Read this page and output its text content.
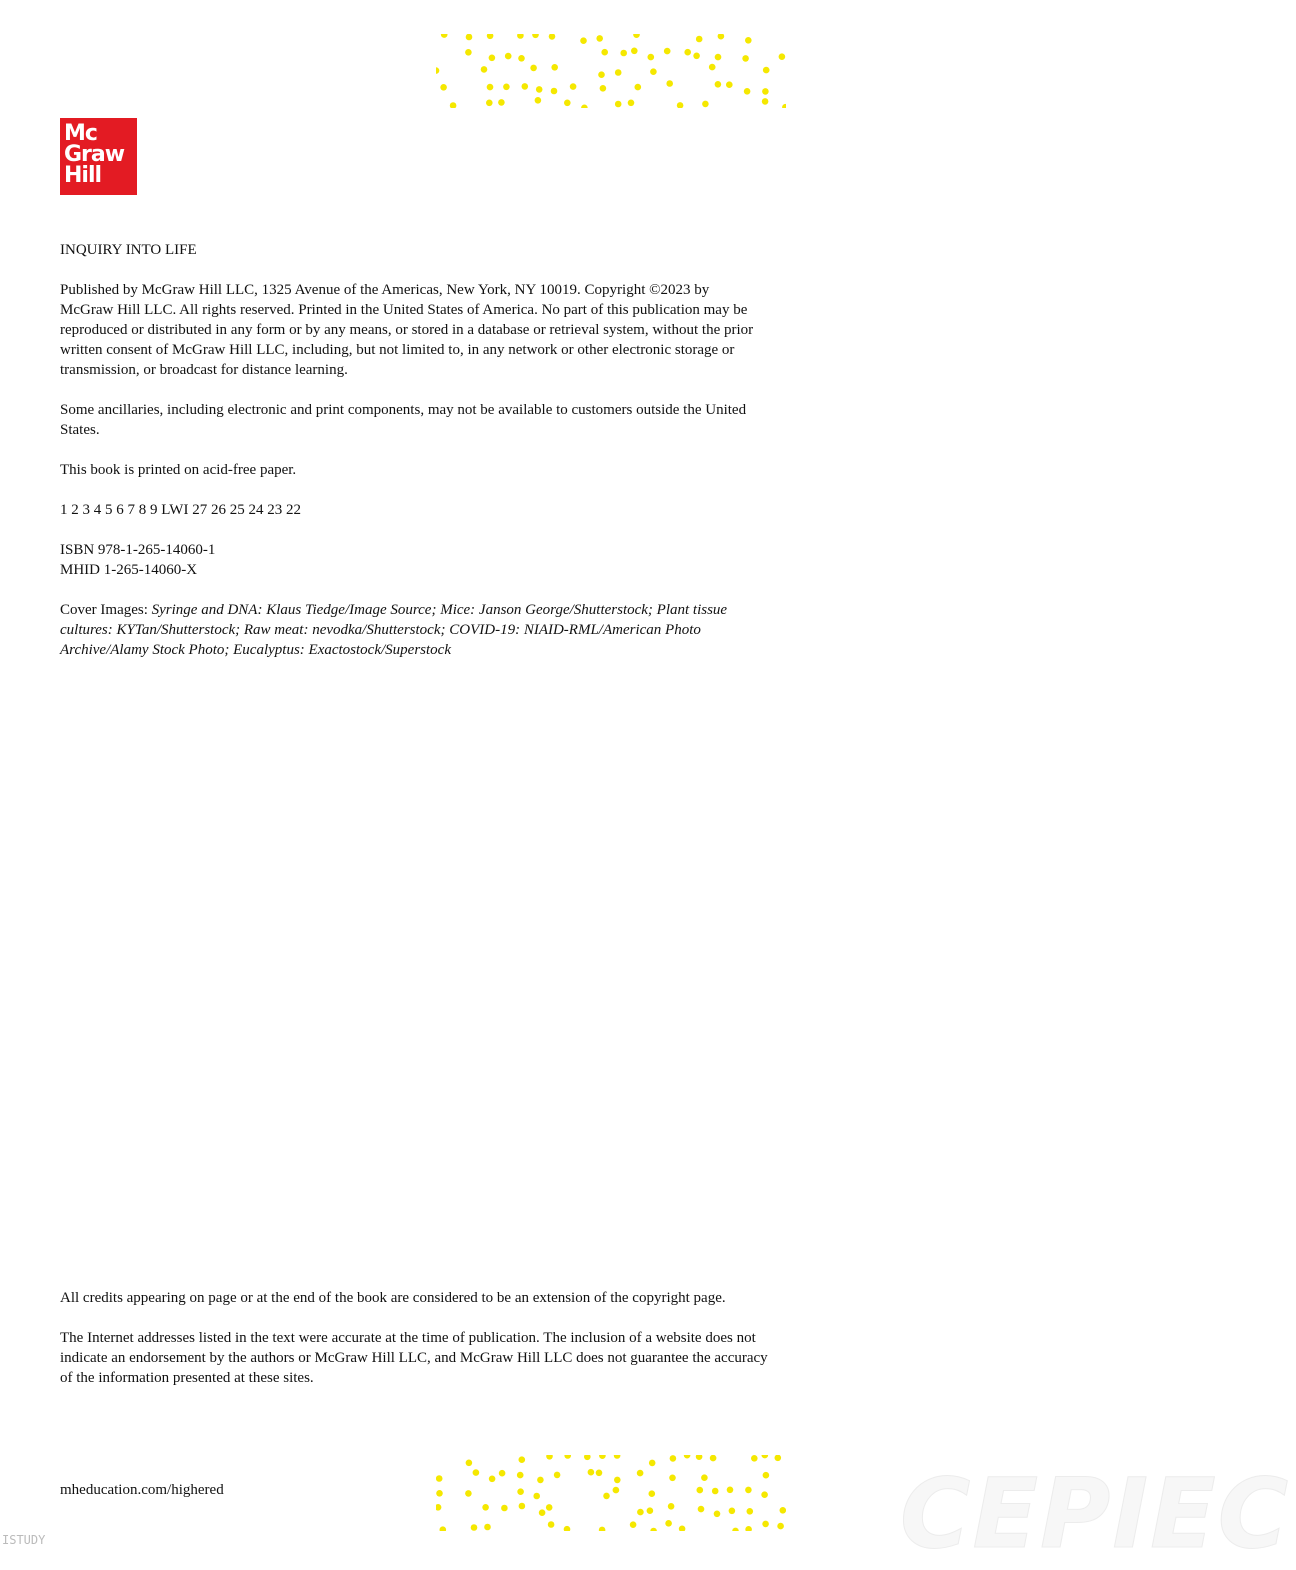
Mc
Graw
Hill

INQUIRY INTO LIFE

Published by McGraw Hill LLC, 1325 Avenue of the Americas, New York, NY 10019. Copyright ©2023 by McGraw Hill LLC. All rights reserved. Printed in the United States of America. No part of this publication may be reproduced or distributed in any form or by any means, or stored in a database or retrieval system, without the prior written consent of McGraw Hill LLC, including, but not limited to, in any network or other electronic storage or transmission, or broadcast for distance learning.

Some ancillaries, including electronic and print components, may not be available to customers outside the United States.

This book is printed on acid-free paper.

1 2 3 4 5 6 7 8 9 LWI 27 26 25 24 23 22

ISBN 978-1-265-14060-1
MHID 1-265-14060-X

Cover Images: Syringe and DNA: Klaus Tiedge/Image Source; Mice: Janson George/Shutterstock; Plant tissue cultures: KYTan/Shutterstock; Raw meat: nevodka/Shutterstock; COVID-19: NIAID-RML/American Photo Archive/Alamy Stock Photo; Eucalyptus: Exactostock/Superstock

All credits appearing on page or at the end of the book are considered to be an extension of the copyright page.

The Internet addresses listed in the text were accurate at the time of publication. The inclusion of a website does not indicate an endorsement by the authors or McGraw Hill LLC, and McGraw Hill LLC does not guarantee the accuracy of the information presented at these sites.

mheducation.com/highered
ISTUDY	CEPIEC
